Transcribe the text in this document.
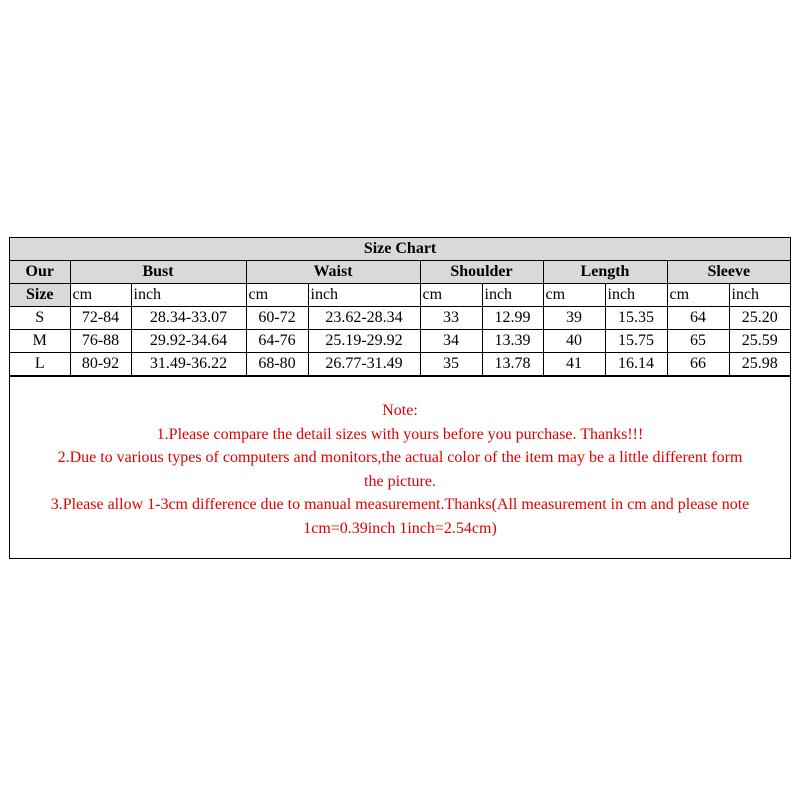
Size Chart										
Our	Bust		Waist		Shoulder		Length		Sleeve	
Size	cm	inch	cm	inch	cm	inch	cm	inch	cm	inch
S	72-84	28.34-33.07	60-72	23.62-28.34	33	12.99	39	15.35	64	25.20
M	76-88	29.92-34.64	64-76	25.19-29.92	34	13.39	40	15.75	65	25.59
L	80-92	31.49-36.22	68-80	26.77-31.49	35	13.78	41	16.14	66	25.98
Note:
1.Please compare the detail sizes with yours before you purchase. Thanks!!!
2.Due to various types of computers and monitors,the actual color of the item may be a little different form
the picture.
3.Please allow 1-3cm difference due to manual measurement.Thanks(All measurement in cm and please note
1cm=0.39inch 1inch=2.54cm)
